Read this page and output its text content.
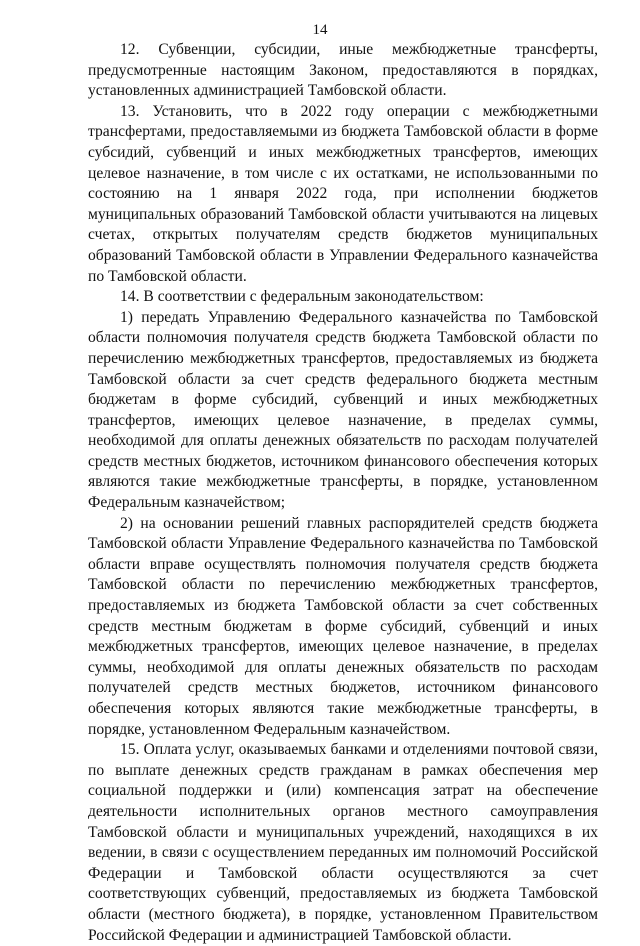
14

12. Субвенции, субсидии, иные межбюджетные трансферты, предусмотренные настоящим Законом, предоставляются в порядках, установленных администрацией Тамбовской области.

13. Установить, что в 2022 году операции с межбюджетными трансфертами, предоставляемыми из бюджета Тамбовской области в форме субсидий, субвенций и иных межбюджетных трансфертов, имеющих целевое назначение, в том числе с их остатками, не использованными по состоянию на 1 января 2022 года, при исполнении бюджетов муниципальных образований Тамбовской области учитываются на лицевых счетах, открытых получателям средств бюджетов муниципальных образований Тамбовской области в Управлении Федерального казначейства по Тамбовской области.

14. В соответствии с федеральным законодательством:

1) передать Управлению Федерального казначейства по Тамбовской области полномочия получателя средств бюджета Тамбовской области по перечислению межбюджетных трансфертов, предоставляемых из бюджета Тамбовской области за счет средств федерального бюджета местным бюджетам в форме субсидий, субвенций и иных межбюджетных трансфертов, имеющих целевое назначение, в пределах суммы, необходимой для оплаты денежных обязательств по расходам получателей средств местных бюджетов, источником финансового обеспечения которых являются такие межбюджетные трансферты, в порядке, установленном Федеральным казначейством;

2) на основании решений главных распорядителей средств бюджета Тамбовской области Управление Федерального казначейства по Тамбовской области вправе осуществлять полномочия получателя средств бюджета Тамбовской области по перечислению межбюджетных трансфертов, предоставляемых из бюджета Тамбовской области за счет собственных средств местным бюджетам в форме субсидий, субвенций и иных межбюджетных трансфертов, имеющих целевое назначение, в пределах суммы, необходимой для оплаты денежных обязательств по расходам получателей средств местных бюджетов, источником финансового обеспечения которых являются такие межбюджетные трансферты, в порядке, установленном Федеральным казначейством.

15. Оплата услуг, оказываемых банками и отделениями почтовой связи, по выплате денежных средств гражданам в рамках обеспечения мер социальной поддержки и (или) компенсация затрат на обеспечение деятельности исполнительных органов местного самоуправления Тамбовской области и муниципальных учреждений, находящихся в их ведении, в связи с осуществлением переданных им полномочий Российской Федерации и Тамбовской области осуществляются за счет соответствующих субвенций, предоставляемых из бюджета Тамбовской области (местного бюджета), в порядке, установленном Правительством Российской Федерации и администрацией Тамбовской области.
